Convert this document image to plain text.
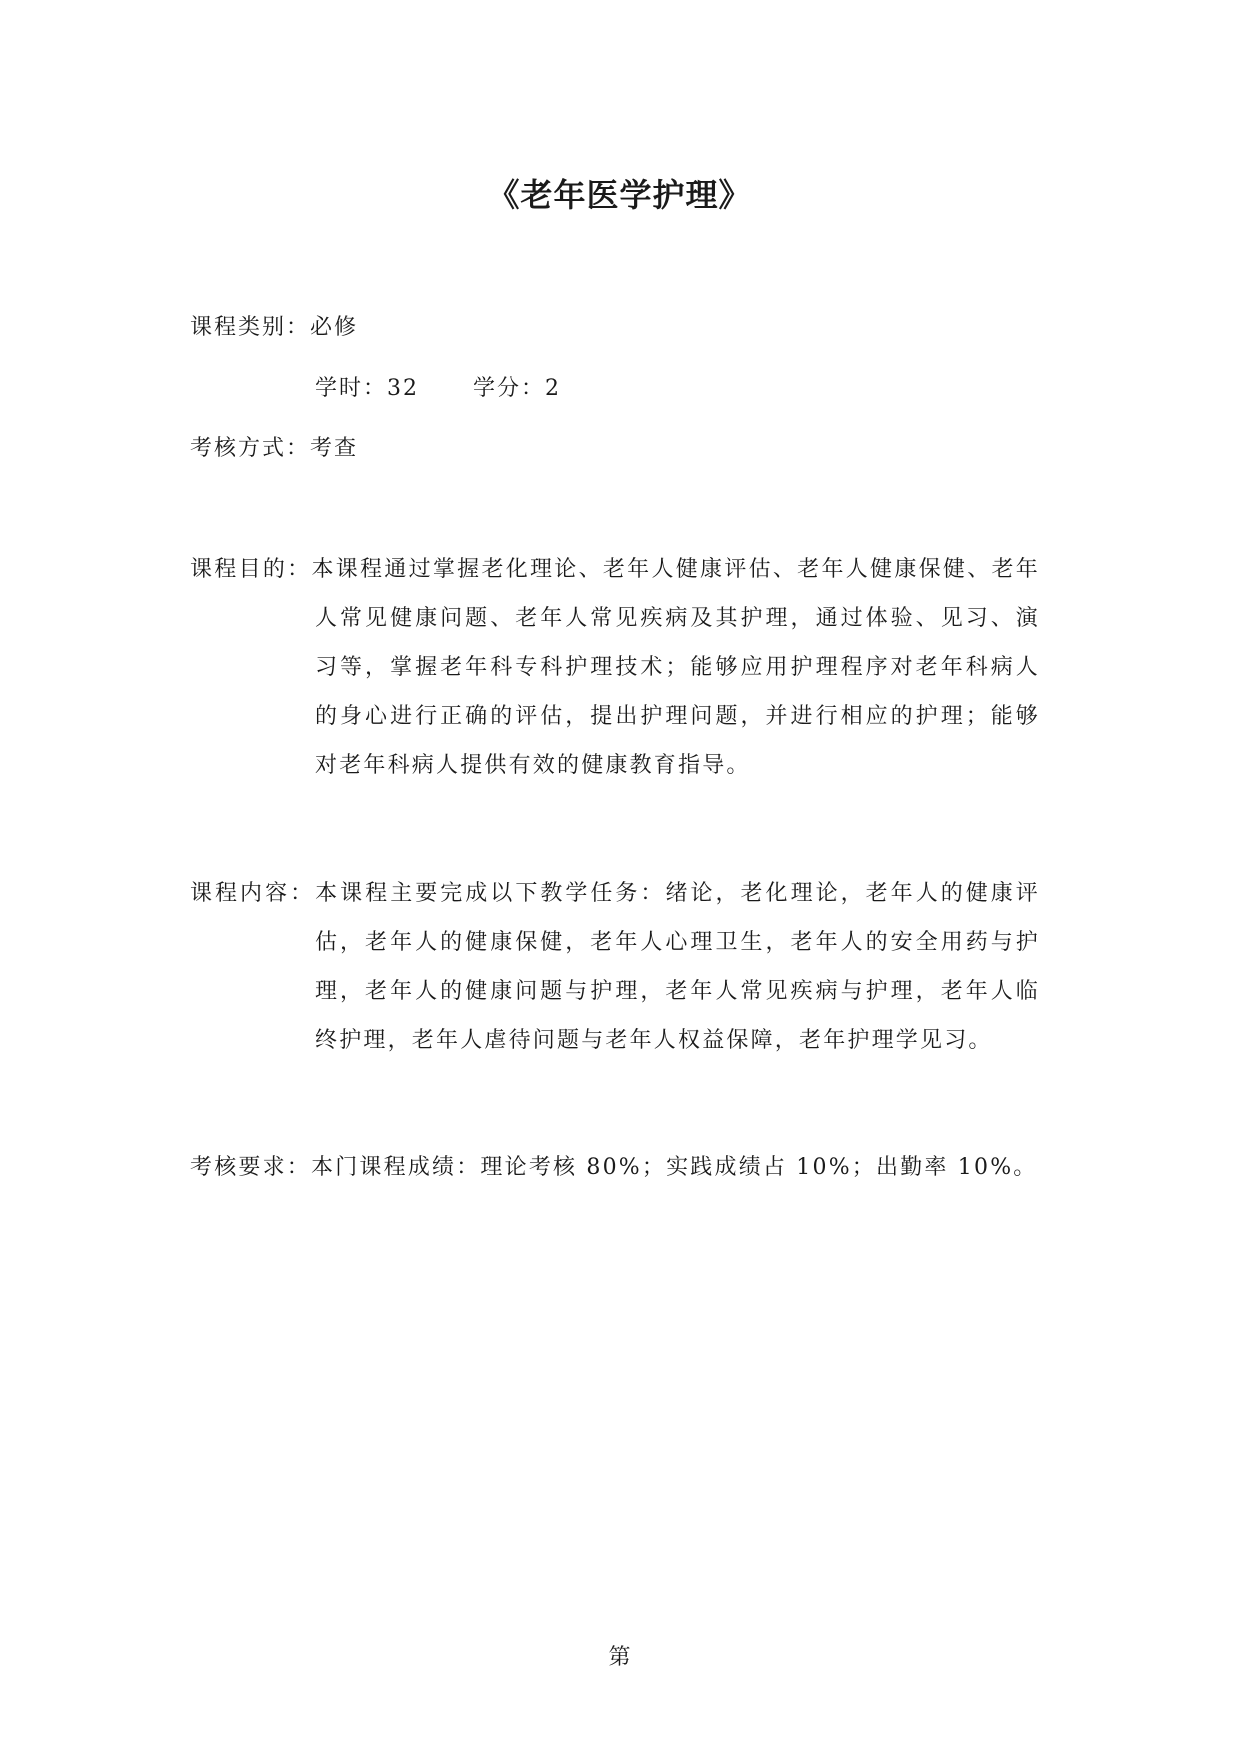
《老年医学护理》
课程类别：必修
学时：32 学分：2
考核方式：考查
课程目的：本课程通过掌握老化理论、老年人健康评估、老年人健康保健、老年人常见健康问题、老年人常见疾病及其护理，通过体验、见习、演习等，掌握老年科专科护理技术；能够应用护理程序对老年科病人的身心进行正确的评估，提出护理问题，并进行相应的护理；能够对老年科病人提供有效的健康教育指导。
课程内容：本课程主要完成以下教学任务：绪论，老化理论，老年人的健康评估，老年人的健康保健，老年人心理卫生，老年人的安全用药与护理，老年人的健康问题与护理，老年人常见疾病与护理，老年人临终护理，老年人虐待问题与老年人权益保障，老年护理学见习。
考核要求：本门课程成绩：理论考核 80%；实践成绩占 10%；出勤率 10%。
第
